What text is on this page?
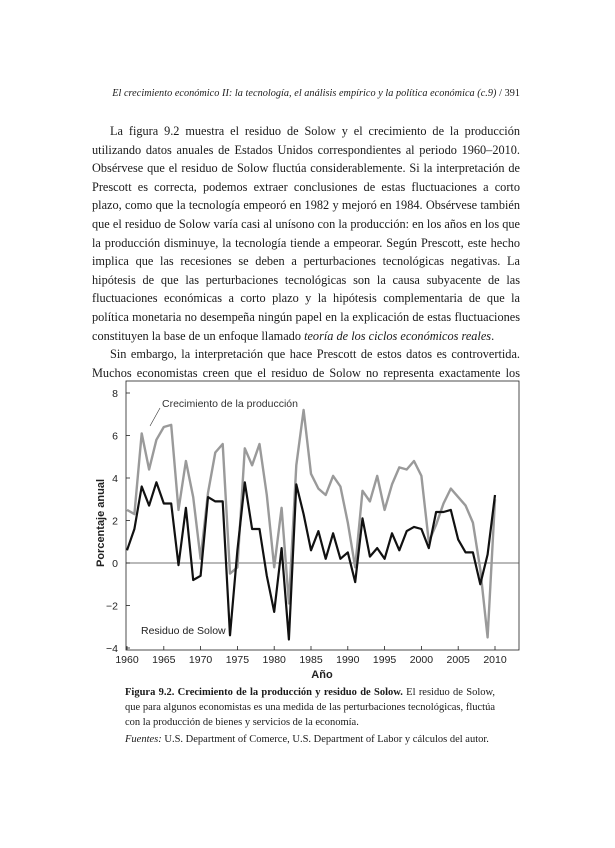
El crecimiento económico II: la tecnología, el análisis empírico y la política económica (c.9) / 391

La figura 9.2 muestra el residuo de Solow y el crecimiento de la producción utilizando datos anuales de Estados Unidos correspondientes al periodo 1960–2010. Obsérvese que el residuo de Solow fluctúa considerablemente. Si la interpretación de Prescott es correcta, podemos extraer conclusiones de estas fluctuaciones a corto plazo, como que la tecnología empeoró en 1982 y mejoró en 1984. Obsérvese también que el residuo de Solow varía casi al unísono con la producción: en los años en los que la producción disminuye, la tecnología tiende a empeorar. Según Prescott, este hecho implica que las recesiones se deben a perturbaciones tecnológicas negativas. La hipótesis de que las perturbaciones tecnológicas son la causa subyacente de las fluctuaciones económicas a corto plazo y la hipótesis complementaria de que la política monetaria no desempeña ningún papel en la explicación de estas fluctuaciones constituyen la base de un enfoque llamado teoría de los ciclos económicos reales.

Sin embargo, la interpretación que hace Prescott de estos datos es controvertida. Muchos economistas creen que el residuo de Solow no representa exactamente los

8
6
4
2
0
−2
−4
1960 1965 1970 1975 1980 1985 1990 1995 2000 2005 2010
Crecimiento de la producción
Residuo de Solow
Año
Porcentaje anual
Figura 9.2. Crecimiento de la producción y residuo de Solow. El residuo de Solow, que para algunos economistas es una medida de las perturbaciones tecnológicas, fluctúa con la producción de bienes y servicios de la economía.
Fuentes: U.S. Department of Comerce, U.S. Department of Labor y cálculos del autor.
